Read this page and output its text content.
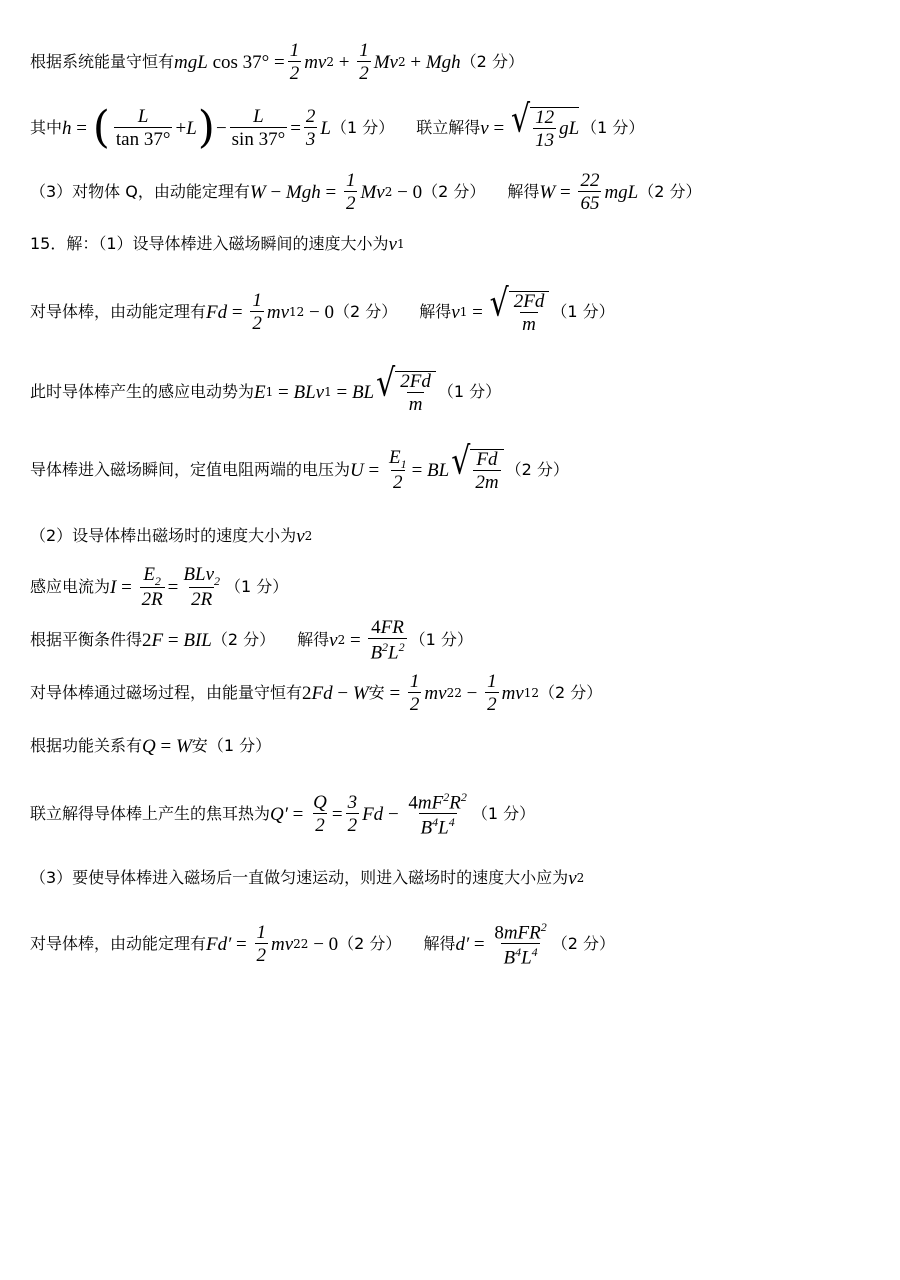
根据系统能量守恒有 mgL $\cos 37^\circ = \frac{1}{2}$ mv $2 + \frac{1}{2}$ Mv 2 + Mgh （2 分）
其中 h = ( $\frac{L}{\tan 37^\circ} + L$ ) − $\frac{L}{\sin 37^\circ} = \frac{2}{3}$ L （1 分） 联立解得 v = √ $\frac{12}{13}$ gL （1 分）
（3）对物体 Q，由动能定理有 W − Mgh = $\frac{1}{2}$ Mv 2 − 0 （2 分） 解得 $W = \frac{22}{65}$ mgL （2 分）
15．解：（1）设导体棒进入磁场瞬间的速度大小为 v 1
对导体棒，由动能定理有 $Fd = \frac{1}{2}$ mv 1 2 − 0 （2 分） 解得 v 1 = √ $\frac{2Fd}{m} (1$ 分）
此时导体棒产生的感应电动势为 E 1 = BLv 1 = BL √ $\frac{2Fd}{m} (1$ 分）
导体棒进入磁场瞬间，定值电阻两端的电压为 $U = \frac{E_1}{2}$ = BL √ $\frac{Fd}{2m} (2$ 分）
（2）设导体棒出磁场时的速度大小为 v 2
感应电流为 $I = \frac{E_2}{2R} = \frac{BLv_2}{2R} (1$ 分）
根据平衡条件得 2 F = BIL （2 分） 解得 v $2 = \frac{4FR}{B^2L^2} (1$ 分）
对导体棒通过磁场过程，由能量守恒有 2 Fd − W 安 = $\frac{1}{2}$ mv 2 $2 - \frac{1}{2}$ mv 1 2 （2 分）
根据功能关系有 Q = W 安 （1 分）
联立解得导体棒上产生的焦耳热为 $Q' = \frac{Q}{2} = \frac{3}{2}$ $Fd - \frac{4mF^2R^2}{B^4L^4} (1$ 分）
（3）要使导体棒进入磁场后一直做匀速运动，则进入磁场时的速度大小应为 v 2
对导体棒，由动能定理有 $Fd' = \frac{1}{2}$ mv 2 2 − 0 （2 分） 解得 $d' = \frac{8mFR^2}{B^4L^4} (2$ 分）
